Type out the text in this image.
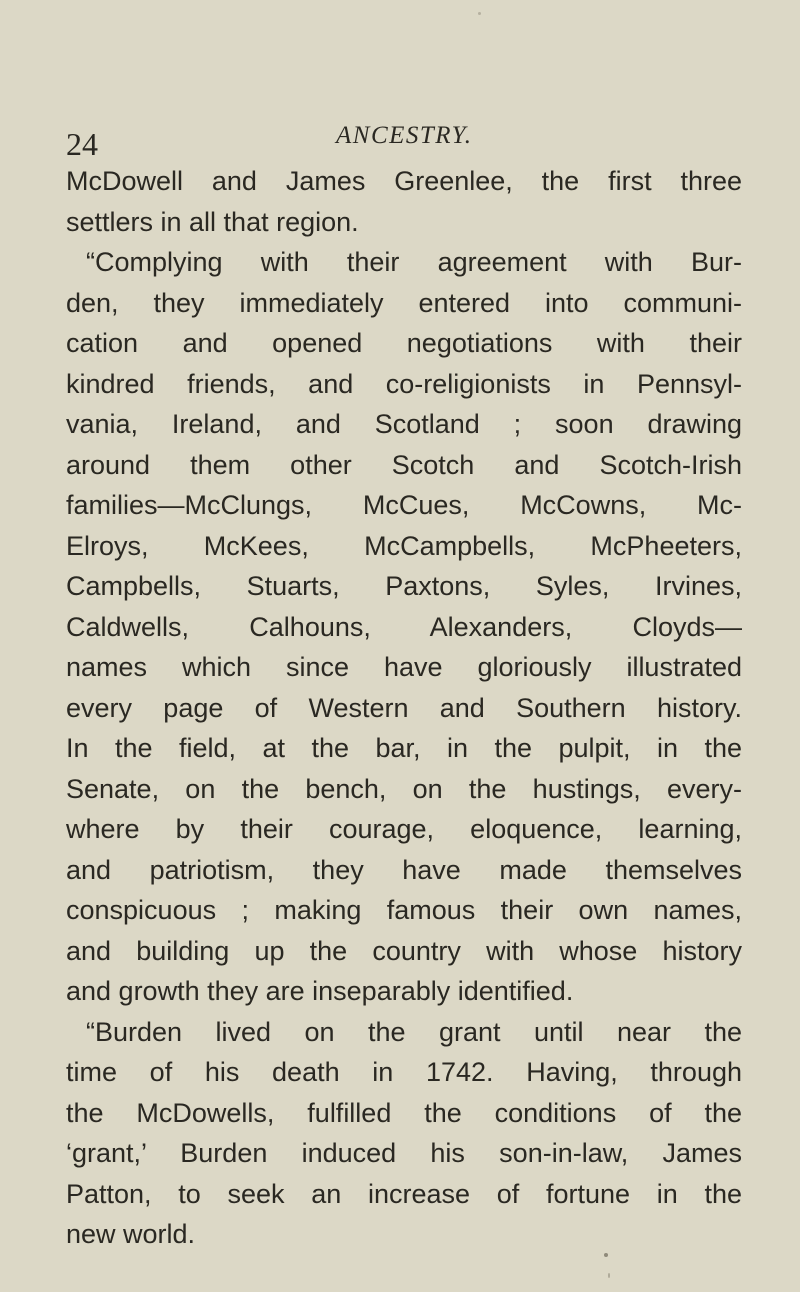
24	ANCESTRY.
McDowell and James Greenlee, the first three
settlers in all that region.
“Complying with their agreement with Bur-
den, they immediately entered into communi-
cation and opened negotiations with their
kindred friends, and co-religionists in Pennsyl-
vania, Ireland, and Scotland ; soon drawing
around them other Scotch and Scotch-Irish
families—McClungs, McCues, McCowns, Mc-
Elroys, McKees, McCampbells, McPheeters,
Campbells, Stuarts, Paxtons, Syles, Irvines,
Caldwells, Calhouns, Alexanders, Cloyds—
names which since have gloriously illustrated
every page of Western and Southern history.
In the field, at the bar, in the pulpit, in the
Senate, on the bench, on the hustings, every-
where by their courage, eloquence, learning,
and patriotism, they have made themselves
conspicuous ; making famous their own names,
and building up the country with whose history
and growth they are inseparably identified.
“Burden lived on the grant until near the
time of his death in 1742. Having, through
the McDowells, fulfilled the conditions of the
‘grant,’ Burden induced his son-in-law, James
Patton, to seek an increase of fortune in the
new world.
